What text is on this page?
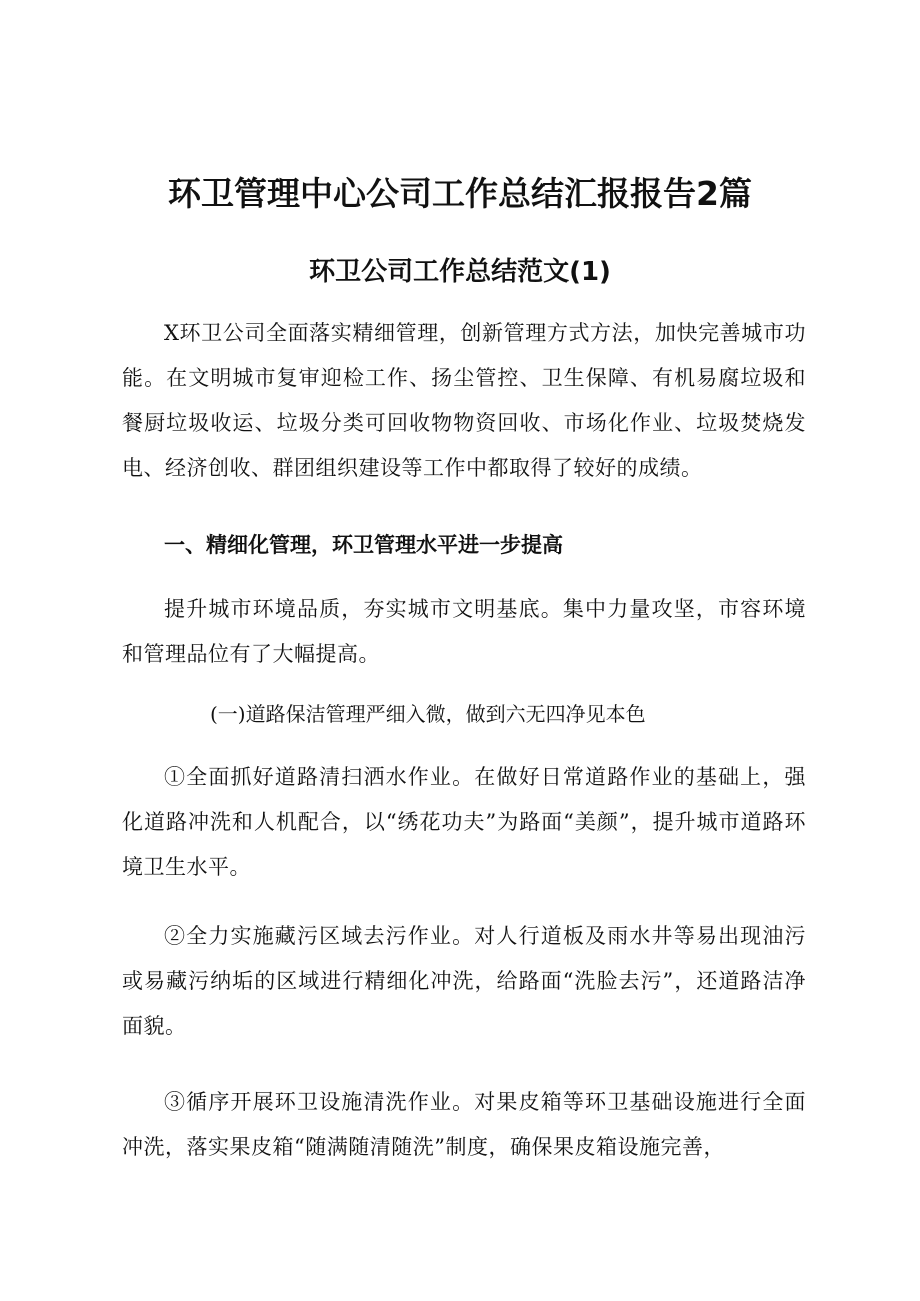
环卫管理中心公司工作总结汇报报告2篇
环卫公司工作总结范文(1)

X环卫公司全面落实精细管理，创新管理方式方法，加快完善城市功能。在文明城市复审迎检工作、扬尘管控、卫生保障、有机易腐垃圾和餐厨垃圾收运、垃圾分类可回收物物资回收、市场化作业、垃圾焚烧发电、经济创收、群团组织建设等工作中都取得了较好的成绩。

一、精细化管理，环卫管理水平进一步提高

提升城市环境品质，夯实城市文明基底。集中力量攻坚，市容环境和管理品位有了大幅提高。

(一)道路保洁管理严细入微，做到六无四净见本色

①全面抓好道路清扫洒水作业。在做好日常道路作业的基础上，强化道路冲洗和人机配合，以“绣花功夫”为路面“美颜”，提升城市道路环境卫生水平。

②全力实施藏污区域去污作业。对人行道板及雨水井等易出现油污或易藏污纳垢的区域进行精细化冲洗，给路面“洗脸去污”，还道路洁净面貌。

③循序开展环卫设施清洗作业。对果皮箱等环卫基础设施进行全面冲洗，落实果皮箱“随满随清随洗”制度，确保果皮箱设施完善，
